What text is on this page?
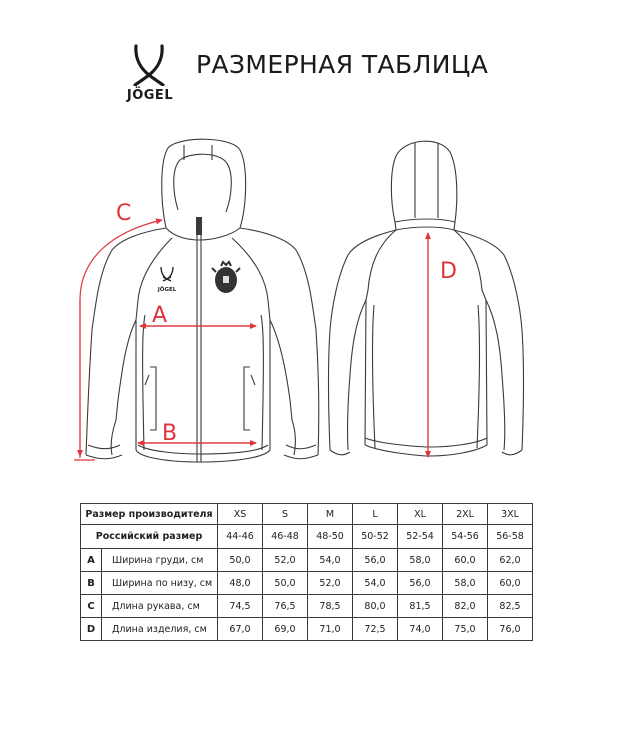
JÖGEL
РАЗМЕРНАЯ ТАБЛИЦА
JÖGEL
A
B
C
D
Размер производителя		XS	S	M	L	XL	2XL	3XL
Российский размер		44-46	46-48	48-50	50-52	52-54	54-56	56-58
A	Ширина груди, см	50,0	52,0	54,0	56,0	58,0	60,0	62,0
B	Ширина по низу, см	48,0	50,0	52,0	54,0	56,0	58,0	60,0
C	Длина рукава, см	74,5	76,5	78,5	80,0	81,5	82,0	82,5
D	Длина изделия, см	67,0	69,0	71,0	72,5	74,0	75,0	76,0
